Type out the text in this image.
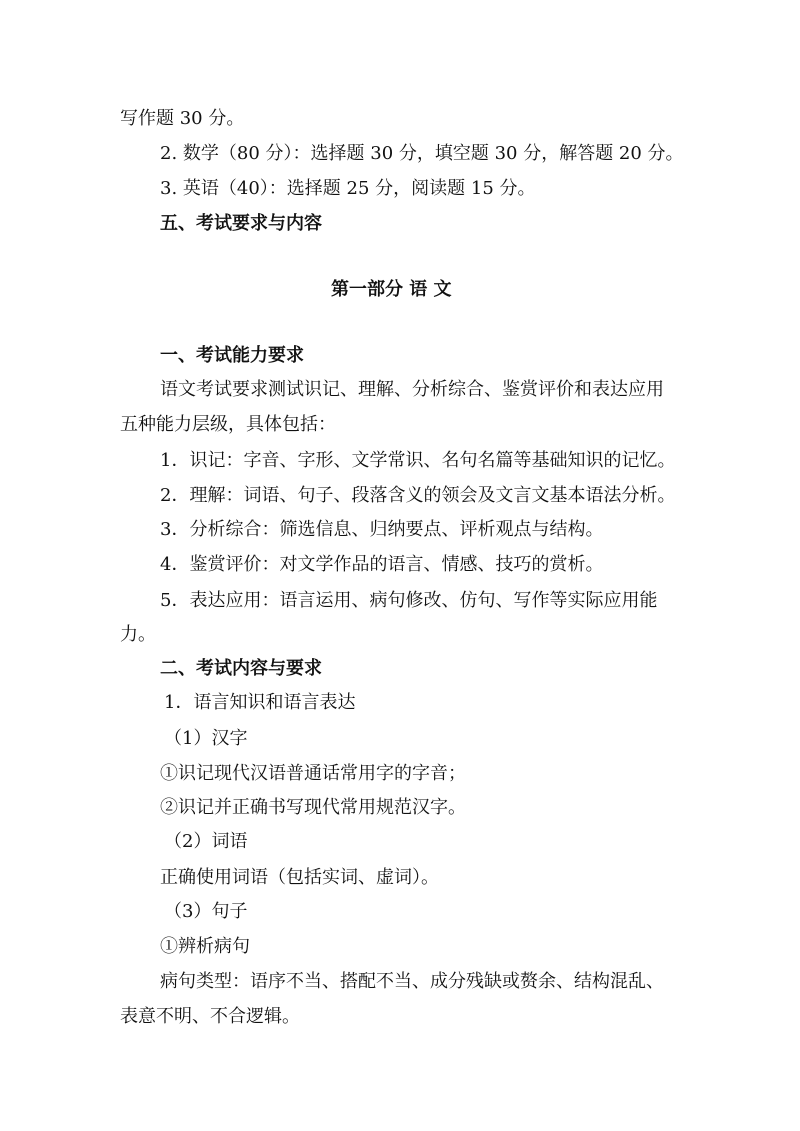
写作题 30 分。
2. 数学（80 分）：选择题 30 分，填空题 30 分，解答题 20 分。
3. 英语（40）：选择题 25 分，阅读题 15 分。
五、考试要求与内容
第一部分 语 文
一、考试能力要求
语文考试要求测试识记、理解、分析综合、鉴赏评价和表达应用
五种能力层级，具体包括：
1．识记：字音、字形、文学常识、名句名篇等基础知识的记忆。
2．理解：词语、句子、段落含义的领会及文言文基本语法分析。
3．分析综合：筛选信息、归纳要点、评析观点与结构。
4．鉴赏评价：对文学作品的语言、情感、技巧的赏析。
5．表达应用：语言运用、病句修改、仿句、写作等实际应用能
力。
二、考试内容与要求
1．语言知识和语言表达
（1）汉字
①识记现代汉语普通话常用字的字音；
②识记并正确书写现代常用规范汉字。
（2）词语
正确使用词语（包括实词、虚词）。
（3）句子
①辨析病句
病句类型：语序不当、搭配不当、成分残缺或赘余、结构混乱、
表意不明、不合逻辑。
